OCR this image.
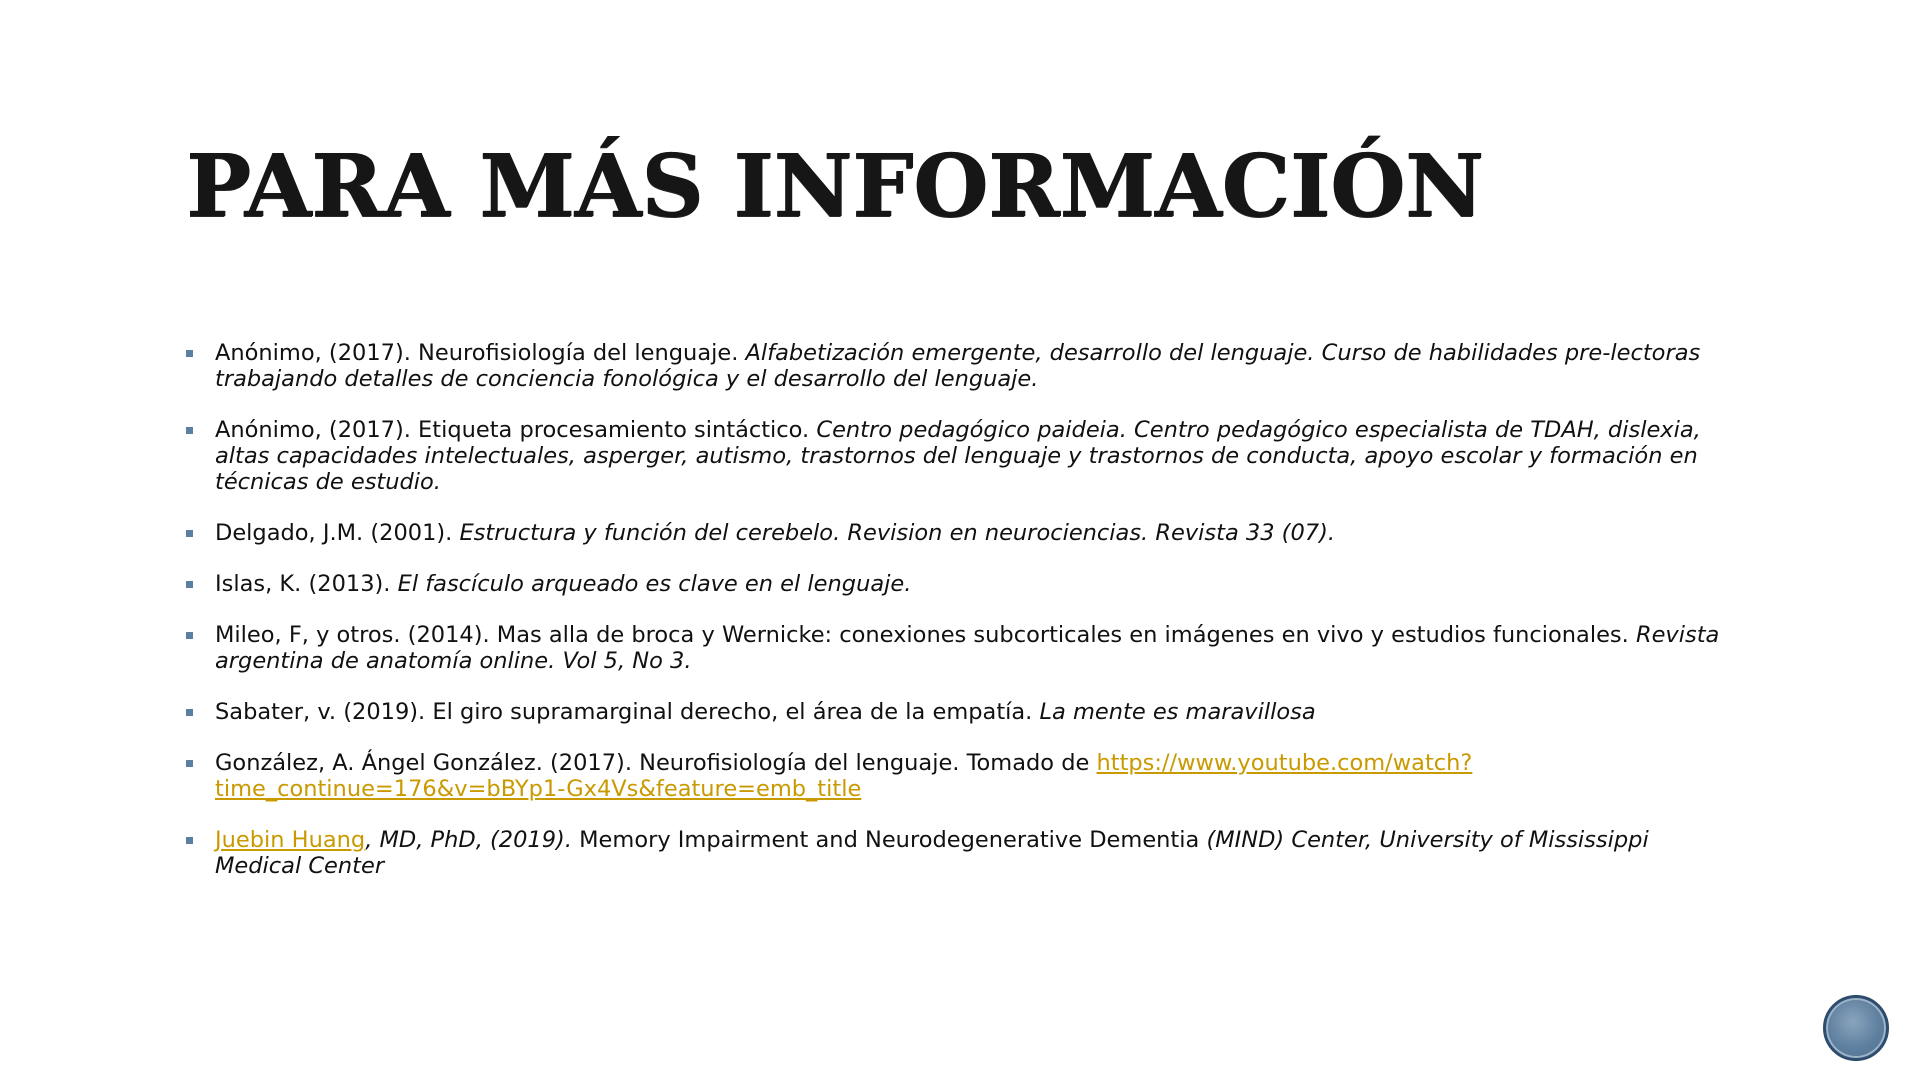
PARA MÁS INFORMACIÓN
Anónimo, (2017). Neurofisiología del lenguaje. Alfabetización emergente, desarrollo del lenguaje. Curso de habilidades pre-lectoras trabajando detalles de conciencia fonológica y el desarrollo del lenguaje.
Anónimo, (2017). Etiqueta procesamiento sintáctico. Centro pedagógico paideia. Centro pedagógico especialista de TDAH, dislexia, altas capacidades intelectuales, asperger, autismo, trastornos del lenguaje y trastornos de conducta, apoyo escolar y formación en técnicas de estudio.
Delgado, J.M. (2001). Estructura y función del cerebelo. Revision en neurociencias. Revista 33 (07).
Islas, K. (2013). El fascículo arqueado es clave en el lenguaje.
Mileo, F, y otros. (2014). Mas alla de broca y Wernicke: conexiones subcorticales en imágenes en vivo y estudios funcionales. Revista argentina de anatomía online. Vol 5, No 3.
Sabater, v. (2019). El giro supramarginal derecho, el área de la empatía. La mente es maravillosa
González, A. Ángel González. (2017). Neurofisiología del lenguaje. Tomado de https://www.youtube.com/watch?time_continue=176&v=bBYp1-Gx4Vs&feature=emb_title
Juebin Huang, MD, PhD, (2019). Memory Impairment and Neurodegenerative Dementia (MIND) Center, University of Mississippi Medical Center
